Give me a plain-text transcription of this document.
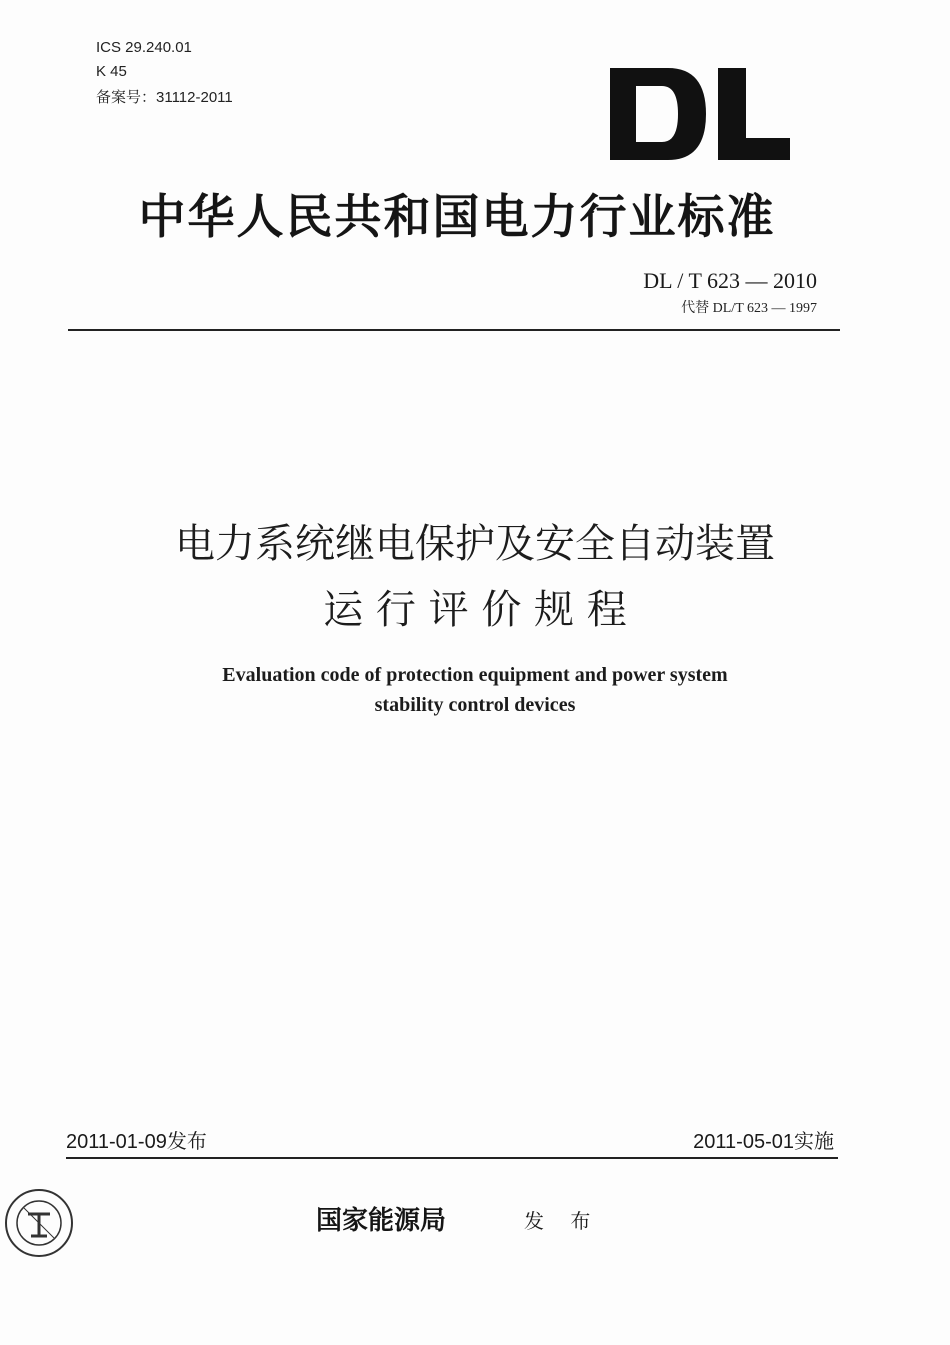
ICS 29.240.01
K 45
备案号：31112-2011
中华人民共和国电力行业标准
DL / T 623 — 2010
代替 DL/T 623 — 1997
电力系统继电保护及安全自动装置
运 行 评 价 规 程
Evaluation code of protection equipment and power system
stability control devices
2011-01-09发布	2011-05-01实施
国家能源局	发 布
